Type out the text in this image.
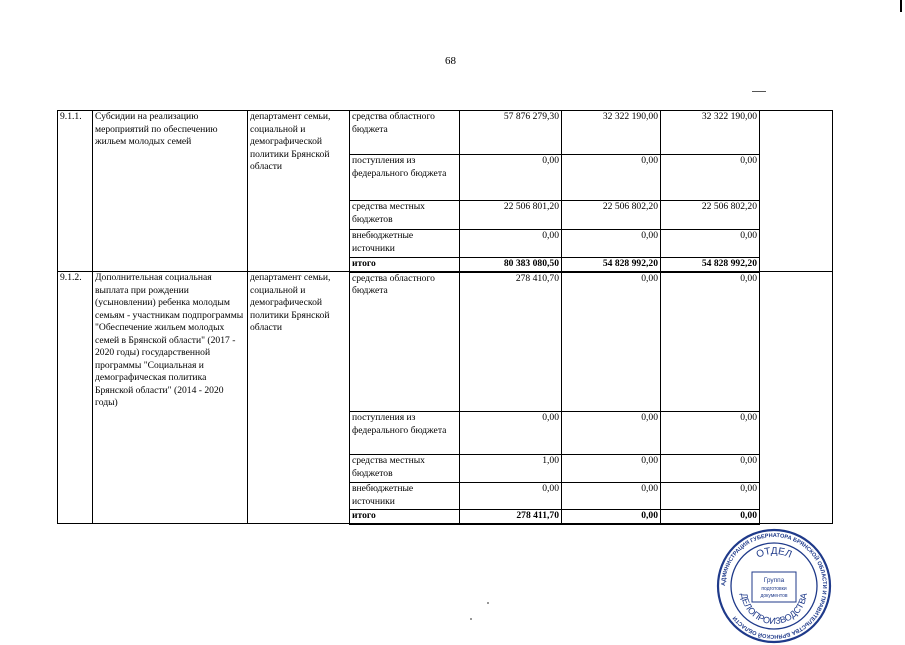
68
9.1.1.	Субсидии на реализацию мероприятий по обеспечению жильем молодых семей	департамент семьи, социальной и демографической политики Брянской области	средства областного бюджета	57 876 279,30	32 322 190,00	32 322 190,00	
			поступления из федерального бюджета	0,00	0,00	0,00	
			средства местных бюджетов	22 506 801,20	22 506 802,20	22 506 802,20	
			внебюджетные источники	0,00	0,00	0,00	
			итого	80 383 080,50	54 828 992,20	54 828 992,20	
9.1.2.	Дополнительная социальная выплата при рождении (усыновлении) ребенка молодым семьям - участникам подпрограммы "Обеспечение жильем молодых семей в Брянской области" (2017 - 2020 годы) государственной программы "Социальная и демографическая политика Брянской области" (2014 - 2020 годы)	департамент семьи, социальной и демографической политики Брянской области	средства областного бюджета	278 410,70	0,00	0,00	
			поступления из федерального бюджета	0,00	0,00	0,00	
			средства местных бюджетов	1,00	0,00	0,00	
			внебюджетные источники	0,00	0,00	0,00	
			итого	278 411,70	0,00	0,00	
АДМИНИСТРАЦИЯ ГУБЕРНАТОРА БРЯНСКОЙ ОБЛАСТИ И ПРАВИТЕЛЬСТВА БРЯНСКОЙ ОБЛАСТИ
ОТДЕЛ
ДЕЛОПРОИЗВОДСТВА
Группа
подготовки
документов
